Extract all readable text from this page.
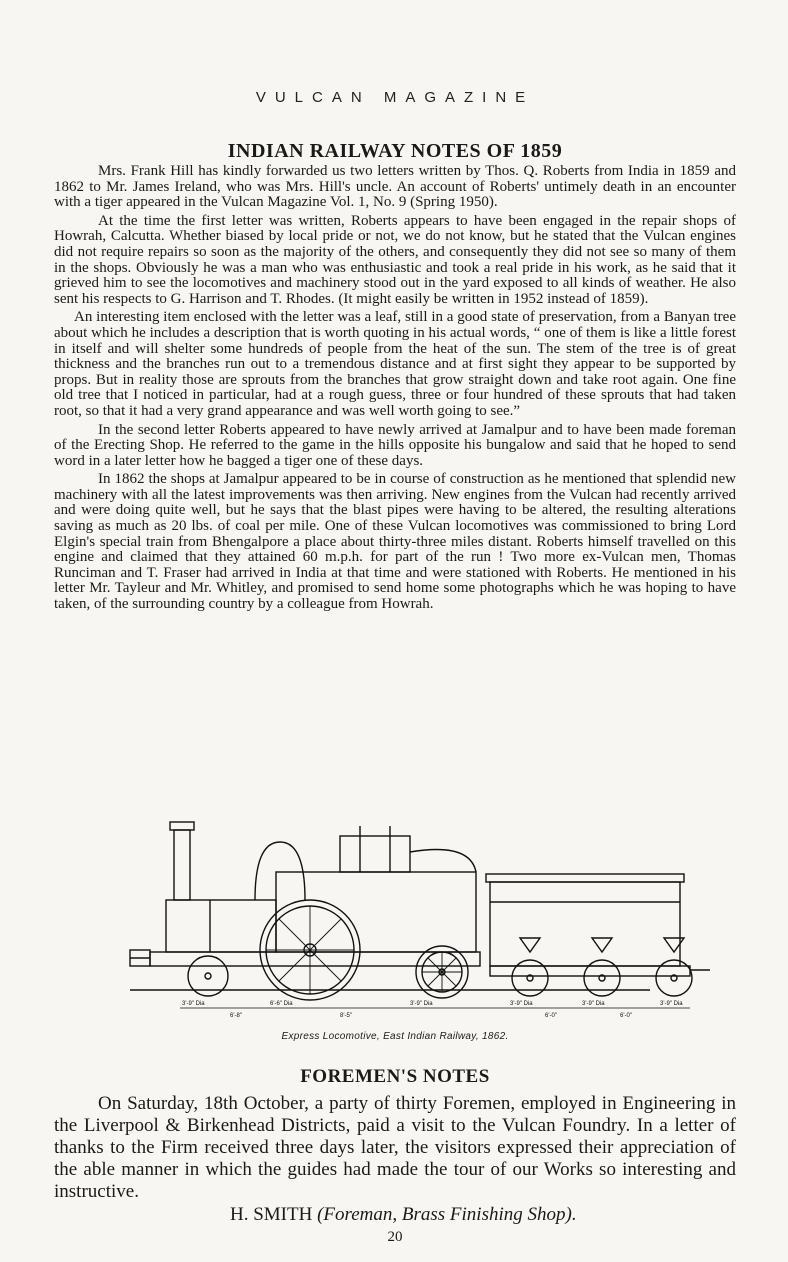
VULCAN MAGAZINE
INDIAN RAILWAY NOTES OF 1859

Mrs. Frank Hill has kindly forwarded us two letters written by Thos. Q. Roberts from India in 1859 and 1862 to Mr. James Ireland, who was Mrs. Hill's uncle. An account of Roberts' untimely death in an encounter with a tiger appeared in the Vulcan Magazine Vol. 1, No. 9 (Spring 1950).

At the time the first letter was written, Roberts appears to have been engaged in the repair shops of Howrah, Calcutta. Whether biased by local pride or not, we do not know, but he stated that the Vulcan engines did not require repairs so soon as the majority of the others, and consequently they did not see so many of them in the shops. Obviously he was a man who was enthusiastic and took a real pride in his work, as he said that it grieved him to see the locomotives and machinery stood out in the yard exposed to all kinds of weather. He also sent his respects to G. Harrison and T. Rhodes. (It might easily be written in 1952 instead of 1859).

An interesting item enclosed with the letter was a leaf, still in a good state of preservation, from a Banyan tree about which he includes a description that is worth quoting in his actual words, “ one of them is like a little forest in itself and will shelter some hundreds of people from the heat of the sun. The stem of the tree is of great thickness and the branches run out to a tremendous distance and at first sight they appear to be supported by props. But in reality those are sprouts from the branches that grow straight down and take root again. One fine old tree that I noticed in particular, had at a rough guess, three or four hundred of these sprouts that had taken root, so that it had a very grand appearance and was well worth going to see.”

In the second letter Roberts appeared to have newly arrived at Jamalpur and to have been made foreman of the Erecting Shop. He referred to the game in the hills opposite his bungalow and said that he hoped to send word in a later letter how he bagged a tiger one of these days.

In 1862 the shops at Jamalpur appeared to be in course of construction as he mentioned that splendid new machinery with all the latest improvements was then arriving. New engines from the Vulcan had recently arrived and were doing quite well, but he says that the blast pipes were having to be altered, the resulting alterations saving as much as 20 lbs. of coal per mile. One of these Vulcan locomotives was commissioned to bring Lord Elgin's special train from Bhengalpore a place about thirty-three miles distant. Roberts himself travelled on this engine and claimed that they attained 60 m.p.h. for part of the run ! Two more ex-Vulcan men, Thomas Runciman and T. Fraser had arrived in India at that time and were stationed with Roberts. He mentioned in his letter Mr. Tayleur and Mr. Whitley, and promised to send home some photographs which he was hoping to have taken, of the surrounding country by a colleague from Howrah.

3'-9" Dia
6'-8"
6'-6" Dia
8'-5"
3'-9" Dia	3'-9" Dia
6'-0"
3'-9" Dia
6'-0"
3'-9" Dia
Express Locomotive, East Indian Railway, 1862.
FOREMEN'S NOTES

On Saturday, 18th October, a party of thirty Foremen, employed in Engineering in the Liverpool & Birkenhead Districts, paid a visit to the Vulcan Foundry. In a letter of thanks to the Firm received three days later, the visitors expressed their appreciation of the able manner in which the guides had made the tour of our Works so interesting and instructive.

H. SMITH (Foreman, Brass Finishing Shop).
20
